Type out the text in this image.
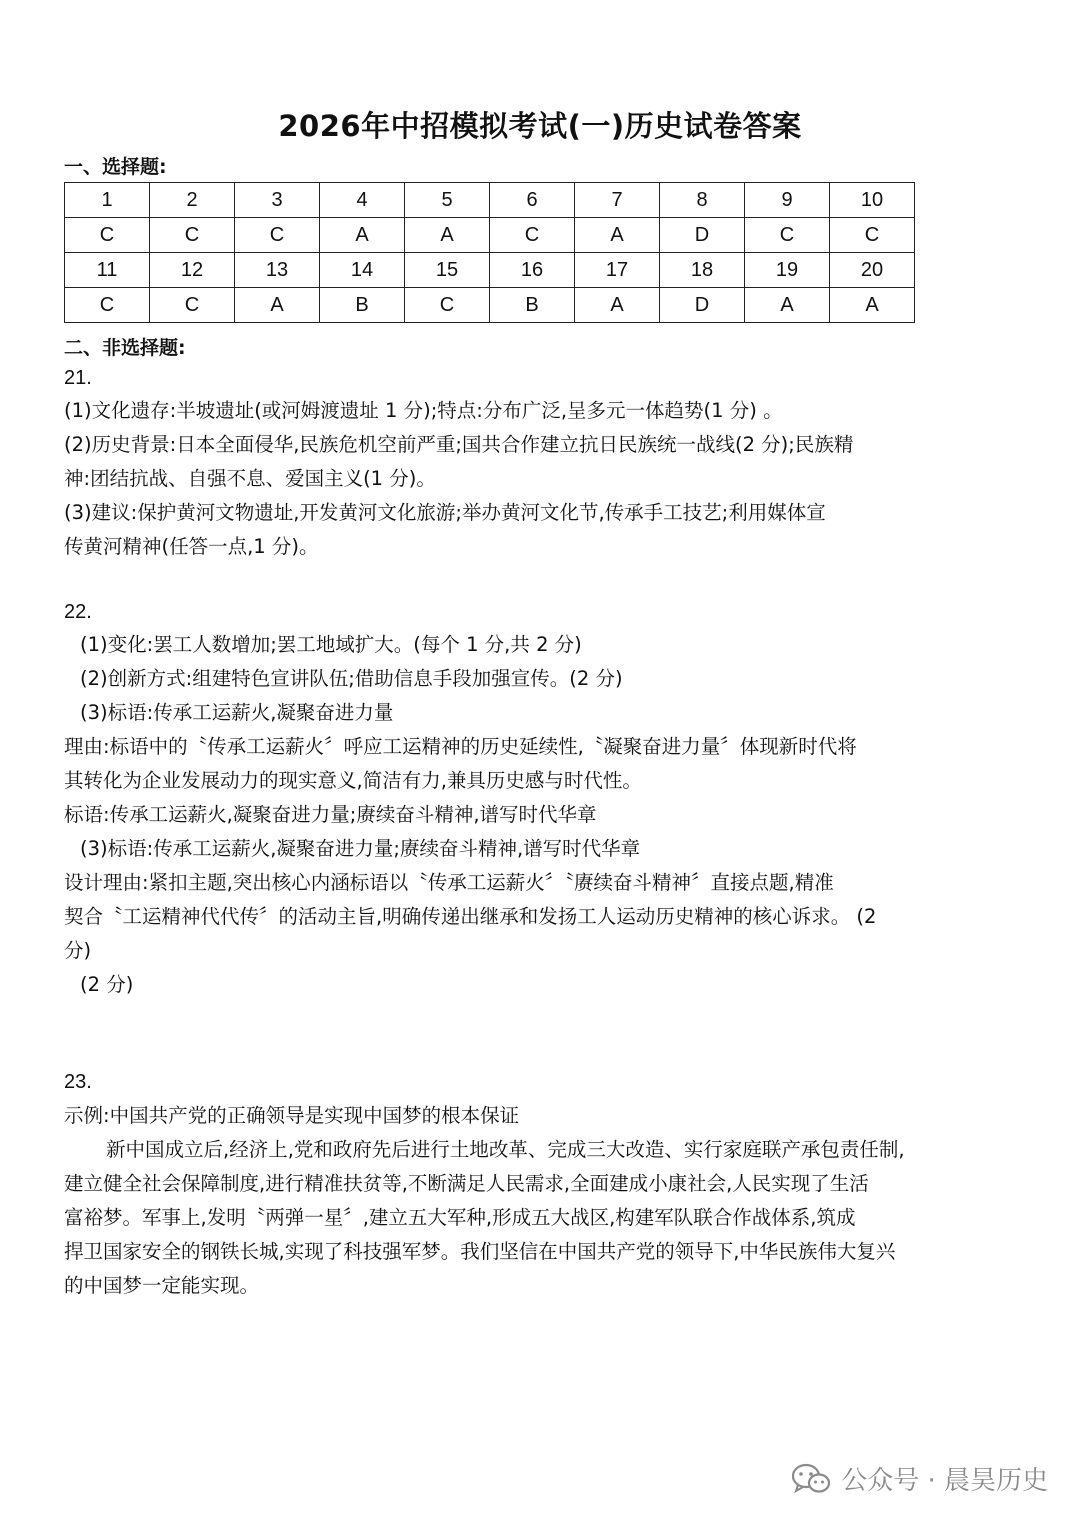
2026年中招模拟考试(一)历史试卷答案
一、选择题:
1	2	3	4	5	6	7	8	9	10
C	C	C	A	A	C	A	D	C	C
11	12	13	14	15	16	17	18	19	20
C	C	A	B	C	B	A	D	A	A
二、非选择题:
21.
(1)文化遗存:半坡遗址(或河姆渡遗址 1 分);特点:分布广泛,呈多元一体趋势(1 分) 。
(2)历史背景:日本全面侵华,民族危机空前严重;国共合作建立抗日民族统一战线(2 分);民族精
神:团结抗战、自强不息、爱国主义(1 分)。
(3)建议:保护黄河文物遗址,开发黄河文化旅游;举办黄河文化节,传承手工技艺;利用媒体宣
传黄河精神(任答一点,1 分)。
22.
(1)变化:罢工人数增加;罢工地域扩大。(每个 1 分,共 2 分)
(2)创新方式:组建特色宣讲队伍;借助信息手段加强宣传。(2 分)
(3)标语:传承工运薪火,凝聚奋进力量
理由:标语中的〝传承工运薪火〞呼应工运精神的历史延续性,〝凝聚奋进力量〞体现新时代将
其转化为企业发展动力的现实意义,简洁有力,兼具历史感与时代性。
标语:传承工运薪火,凝聚奋进力量;赓续奋斗精神,谱写时代华章
(3)标语:传承工运薪火,凝聚奋进力量;赓续奋斗精神,谱写时代华章
设计理由:紧扣主题,突出核心内涵标语以〝传承工运薪火〞〝赓续奋斗精神〞直接点题,精准
契合〝工运精神代代传〞的活动主旨,明确传递出继承和发扬工人运动历史精神的核心诉求。 (2
分)
(2 分)
23.
示例:中国共产党的正确领导是实现中国梦的根本保证
新中国成立后,经济上,党和政府先后进行土地改革、完成三大改造、实行家庭联产承包责任制,
建立健全社会保障制度,进行精准扶贫等,不断满足人民需求,全面建成小康社会,人民实现了生活
富裕梦。军事上,发明〝两弹一星〞,建立五大军种,形成五大战区,构建军队联合作战体系,筑成
捍卫国家安全的钢铁长城,实现了科技强军梦。我们坚信在中国共产党的领导下,中华民族伟大复兴
的中国梦一定能实现。
公众号 · 晨昊历史
